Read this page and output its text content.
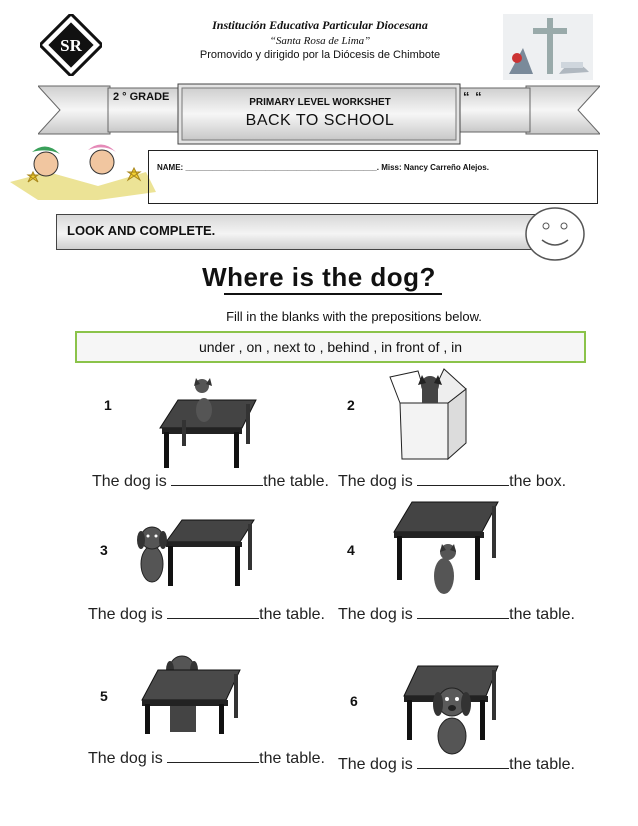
SR
Institución Educativa Particular Diocesana
“Santa Rosa de Lima”
Promovido y dirigido por la Diócesis de Chimbote
2 ° GRADE	“ “
PRIMARY LEVEL WORKSHET
BACK TO SCHOOL
NAME: ___________________________________________. Miss: Nancy Carreño Alejos.
LOOK AND COMPLETE.
Where is the dog?
Fill in the blanks with the prepositions below.
under , on , next to , behind , in front of , in
1
The dog is	the table.
2
The dog is	the box.
3
The dog is	the table.
4
The dog is	the table.
5
The dog is	the table.
6
The dog is	the table.
